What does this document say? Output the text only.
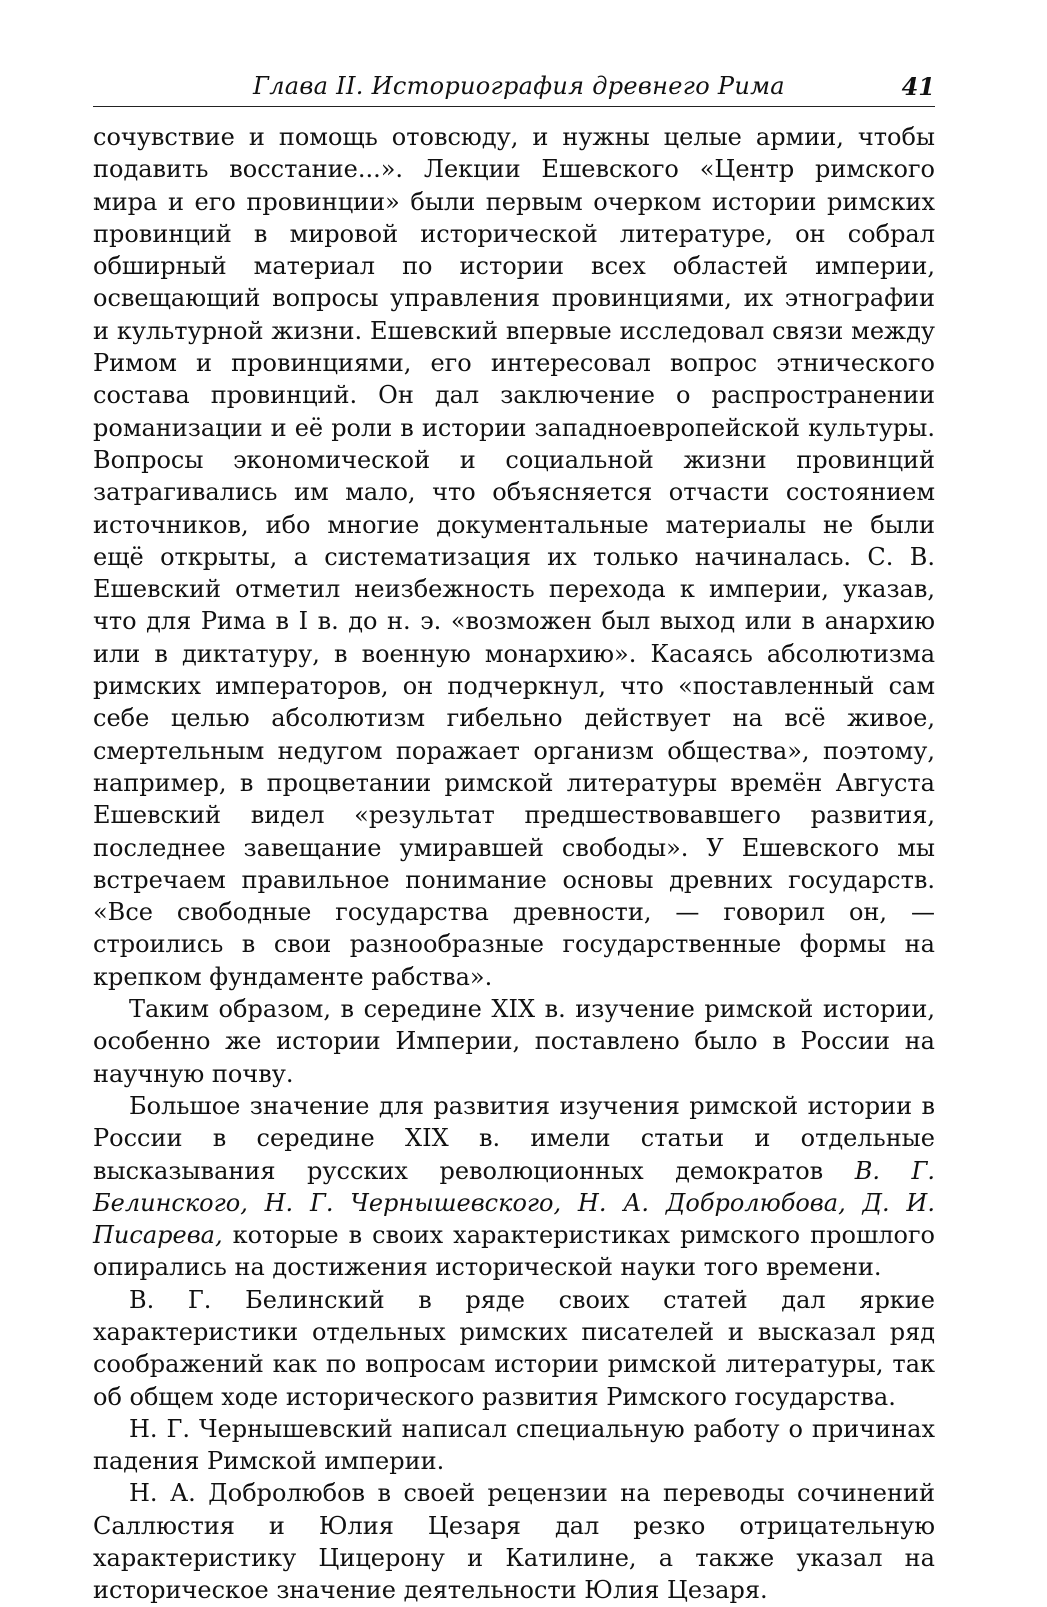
Глава II. Историография древнего Рима	41

сочувствие и помощь отовсюду, и нужны целые армии, чтобы подавить восстание...». Лекции Ешевского «Центр римского мира и его провинции» были первым очерком истории римских провинций в мировой исторической литературе, он собрал обширный материал по истории всех областей империи, освещающий вопросы управления провинциями, их этнографии и культурной жизни. Ешевский впервые исследовал связи между Римом и провинциями, его интересовал вопрос этнического состава провинций. Он дал заключение о распространении романизации и её роли в истории западноевропейской культуры. Вопросы экономической и социальной жизни провинций затрагивались им мало, что объясняется отчасти состоянием источников, ибо многие документальные материалы не были ещё открыты, а систематизация их только начиналась. С. В. Ешевский отметил неизбежность перехода к империи, указав, что для Рима в I в. до н. э. «возможен был выход или в анархию или в диктатуру, в военную монархию». Касаясь абсолютизма римских императоров, он подчеркнул, что «поставленный сам себе целью абсолютизм гибельно действует на всё живое, смертельным недугом поражает организм общества», поэтому, например, в процветании римской литературы времён Августа Ешевский видел «результат предшествовавшего развития, последнее завещание умиравшей свободы». У Ешевского мы встречаем правильное понимание основы древних государств. «Все свободные государства древности, — говорил он, — строились в свои разнообразные государственные формы на крепком фундаменте рабства».

Таким образом, в середине XIX в. изучение римской истории, особенно же истории Империи, поставлено было в России на научную почву.

Большое значение для развития изучения римской истории в России в середине XIX в. имели статьи и отдельные высказывания русских революционных демократов В. Г. Белинского, Н. Г. Чернышевского, Н. А. Добролюбова, Д. И. Писарева, которые в своих характеристиках римского прошлого опирались на достижения исторической науки того времени.

В. Г. Белинский в ряде своих статей дал яркие характеристики отдельных римских писателей и высказал ряд соображений как по вопросам истории римской литературы, так об общем ходе исторического развития Римского государства.

Н. Г. Чернышевский написал специальную работу о причинах падения Римской империи.

Н. А. Добролюбов в своей рецензии на переводы сочинений Саллюстия и Юлия Цезаря дал резко отрицательную характеристику Цицерону и Катилине, а также указал на историческое значение деятельности Юлия Цезаря.
